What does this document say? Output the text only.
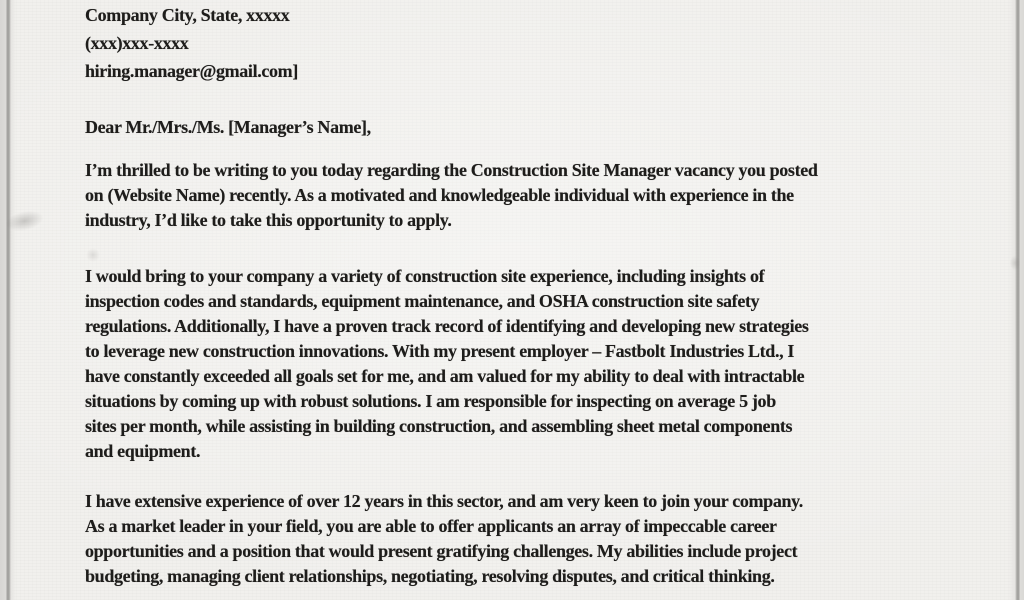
Company City, State, xxxxx
(xxx)xxx-xxxx
hiring.manager@gmail.com]
Dear Mr./Mrs./Ms. [Manager’s Name],
I’m thrilled to be writing to you today regarding the Construction Site Manager vacancy you posted
on (Website Name) recently. As a motivated and knowledgeable individual with experience in the
industry, I’d like to take this opportunity to apply.
I would bring to your company a variety of construction site experience, including insights of
inspection codes and standards, equipment maintenance, and OSHA construction site safety
regulations. Additionally, I have a proven track record of identifying and developing new strategies
to leverage new construction innovations. With my present employer – Fastbolt Industries Ltd., I
have constantly exceeded all goals set for me, and am valued for my ability to deal with intractable
situations by coming up with robust solutions. I am responsible for inspecting on average 5 job
sites per month, while assisting in building construction, and assembling sheet metal components
and equipment.
I have extensive experience of over 12 years in this sector, and am very keen to join your company.
As a market leader in your field, you are able to offer applicants an array of impeccable career
opportunities and a position that would present gratifying challenges. My abilities include project
budgeting, managing client relationships, negotiating, resolving disputes, and critical thinking.
